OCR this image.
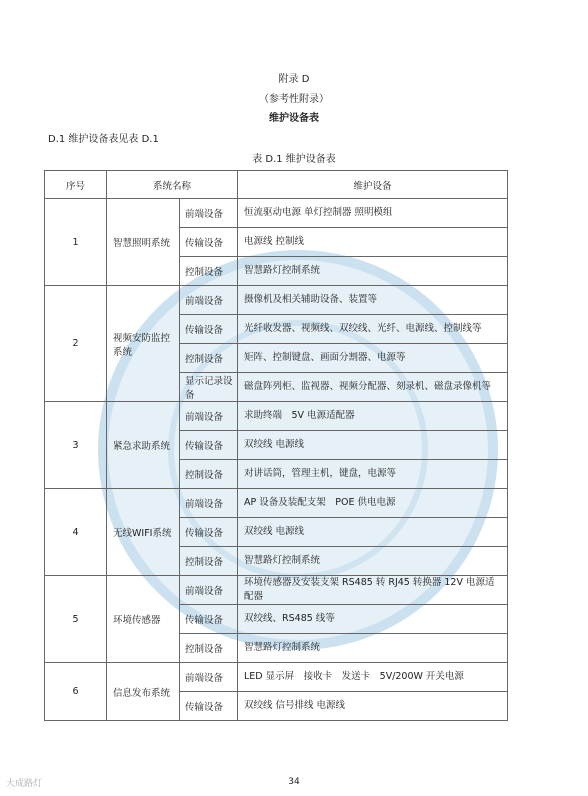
附录 D
（参考性附录）
维护设备表
D.1 维护设备表见表 D.1
表 D.1 维护设备表
序号	系统名称		维护设备
1	智慧照明系统	前端设备	恒流驱动电源 单灯控制器 照明模组
		传输设备	电源线 控制线
		控制设备	智慧路灯控制系统
2	视频安防监控系统	前端设备	摄像机及相关辅助设备、装置等
		传输设备	光纤收发器、视频线、双绞线、光纤、电源线、控制线等
		控制设备	矩阵、控制键盘、画面分割器、电源等
		显示记录设备	磁盘阵列柜、监视器、视频分配器、刻录机、磁盘录像机等
3	紧急求助系统	前端设备	求助终端　5V 电源适配器
		传输设备	双绞线 电源线
		控制设备	对讲话筒，管理主机，键盘，电源等
4	无线WIFI系统	前端设备	AP 设备及装配支架　POE 供电电源
		传输设备	双绞线 电源线
		控制设备	智慧路灯控制系统
5	环境传感器	前端设备	环境传感器及安装支架 RS485 转 RJ45 转换器 12V 电源适配器
		传输设备	双绞线、RS485 线等
		控制设备	智慧路灯控制系统
6	信息发布系统	前端设备	LED 显示屏　接收卡　发送卡　5V/200W 开关电源
		传输设备	双绞线 信号排线 电源线
34
大成路灯
